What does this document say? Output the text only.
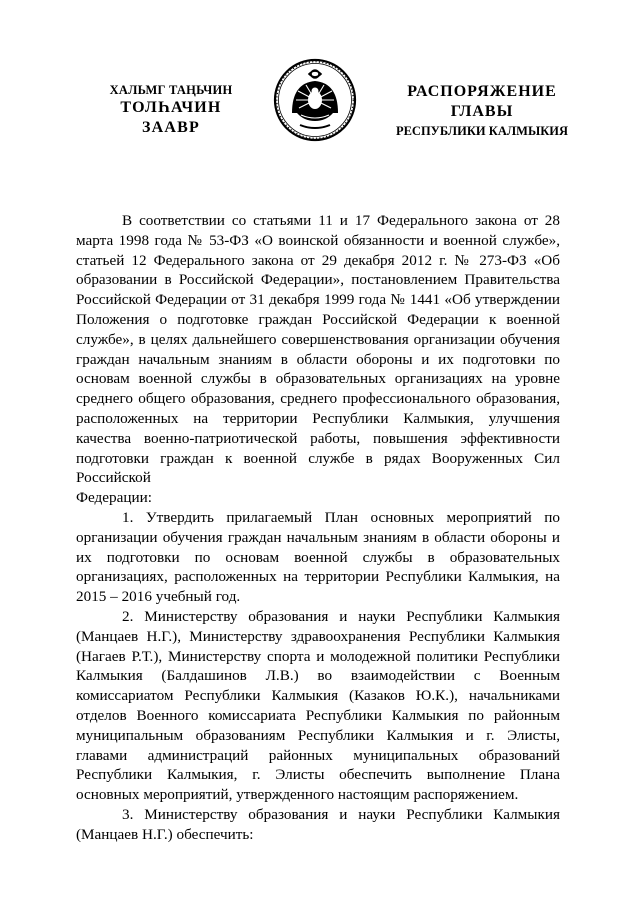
ХАЛЬМГ ТАҢЬЧИН
ТОЛҺАЧИН
ЗААВР
РАСПОРЯЖЕНИЕ
ГЛАВЫ
РЕСПУБЛИКИ КАЛМЫКИЯ

В соответствии со статьями 11 и 17 Федерального закона от 28 марта 1998 года № 53-ФЗ «О воинской обязанности и военной службе», статьей 12 Федерального закона от 29 декабря 2012 г. № 273-ФЗ «Об образовании в Российской Федерации», постановлением Правительства Российской Федерации от 31 декабря 1999 года № 1441 «Об утверждении Положения о подготовке граждан Российской Федерации к военной службе», в целях дальнейшего совершенствования организации обучения граждан начальным знаниям в области обороны и их подготовки по основам военной службы в образовательных организациях на уровне среднего общего образования, среднего профессионального образования, расположенных на территории Республики Калмыкия, улучшения качества военно-патриотической работы, повышения эффективности подготовки граждан к военной службе в рядах Вооруженных Сил Российской

Федерации:

1. Утвердить прилагаемый План основных мероприятий по организации обучения граждан начальным знаниям в области обороны и их подготовки по основам военной службы в образовательных организациях, расположенных на территории Республики Калмыкия, на 2015 – 2016 учебный год.

2. Министерству образования и науки Республики Калмыкия (Манцаев Н.Г.), Министерству здравоохранения Республики Калмыкия (Нагаев Р.Т.), Министерству спорта и молодежной политики Республики Калмыкия (Балдашинов Л.В.) во взаимодействии с Военным комиссариатом Республики Калмыкия (Казаков Ю.К.), начальниками отделов Военного комиссариата Республики Калмыкия по районным муниципальным образованиям Республики Калмыкия и г. Элисты, главами администраций районных муниципальных образований Республики Калмыкия, г. Элисты обеспечить выполнение Плана основных мероприятий, утвержденного настоящим распоряжением.

3. Министерству образования и науки Республики Калмыкия (Манцаев Н.Г.) обеспечить:
